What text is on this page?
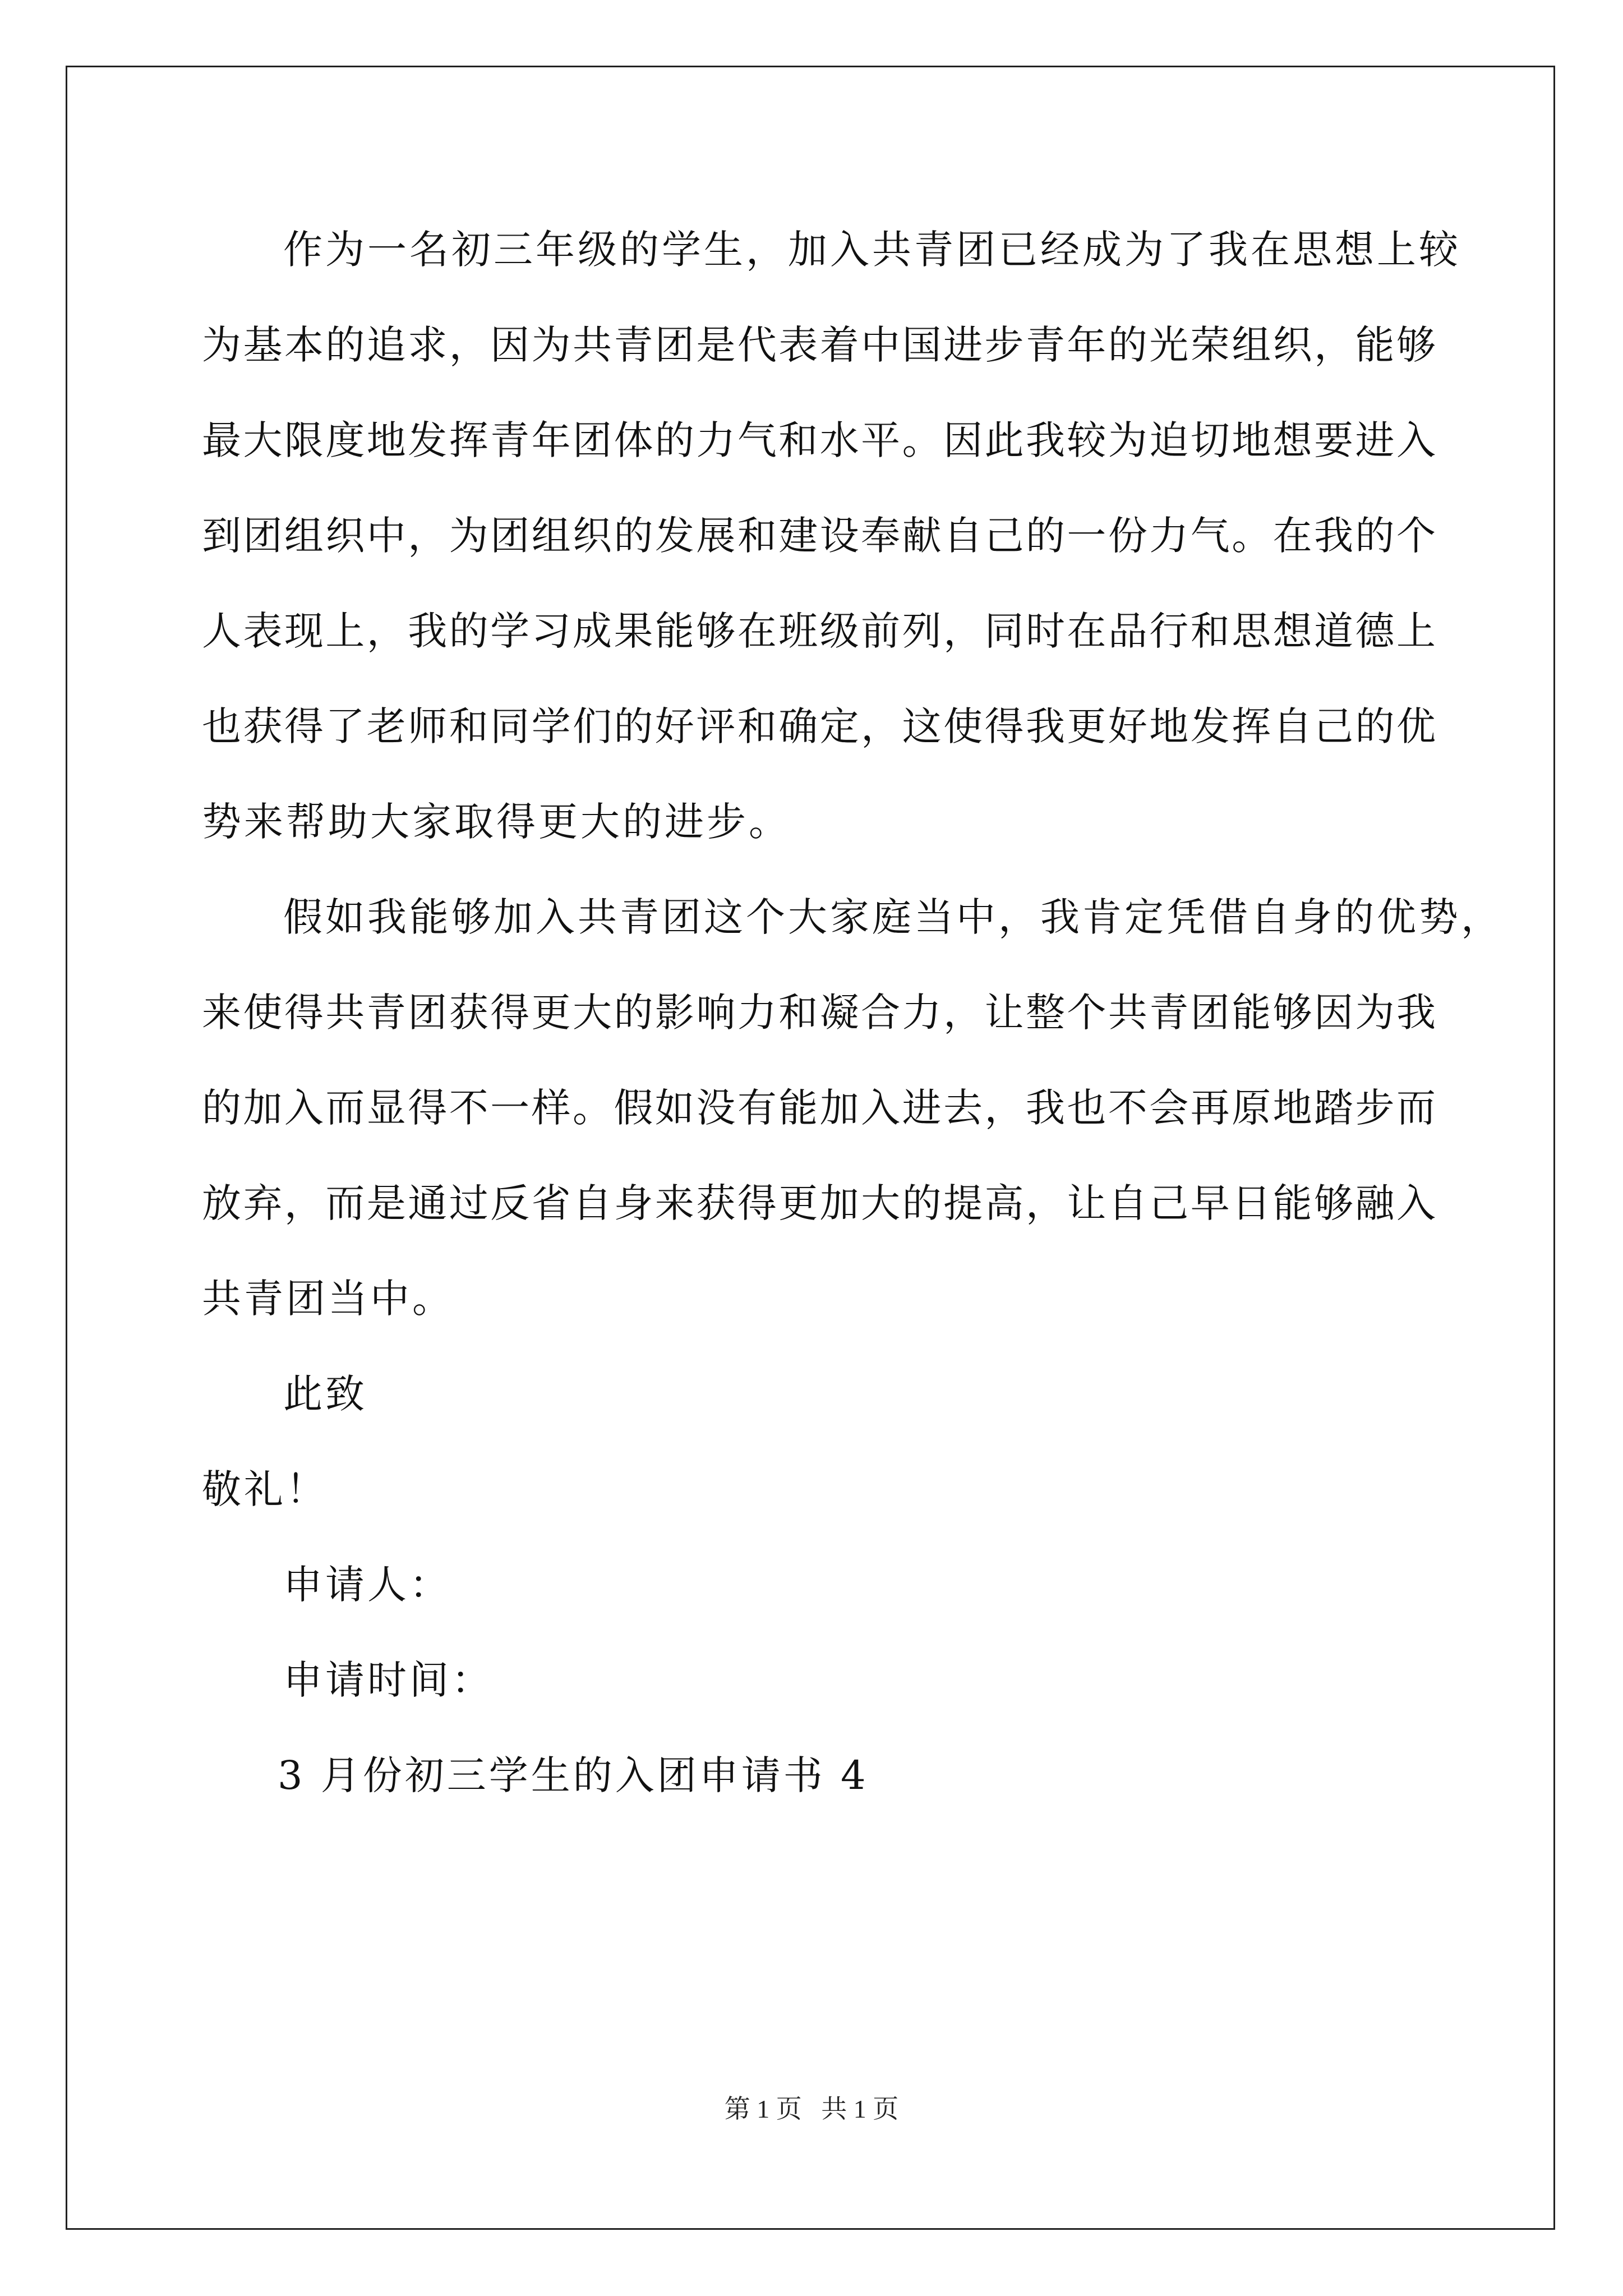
作为一名初三年级的学生，加入共青团已经成为了我在思想上较
为基本的追求，因为共青团是代表着中国进步青年的光荣组织，能够
最大限度地发挥青年团体的力气和水平。因此我较为迫切地想要进入
到团组织中，为团组织的发展和建设奉献自己的一份力气。在我的个
人表现上，我的学习成果能够在班级前列，同时在品行和思想道德上
也获得了老师和同学们的好评和确定，这使得我更好地发挥自己的优
势来帮助大家取得更大的进步。
假如我能够加入共青团这个大家庭当中，我肯定凭借自身的优势，
来使得共青团获得更大的影响力和凝合力，让整个共青团能够因为我
的加入而显得不一样。假如没有能加入进去，我也不会再原地踏步而
放弃，而是通过反省自身来获得更加大的提高，让自己早日能够融入
共青团当中。
此致
敬礼！
申请人：
申请时间：
3 月份初三学生的入团申请书 4
第 1 页   共 1 页
